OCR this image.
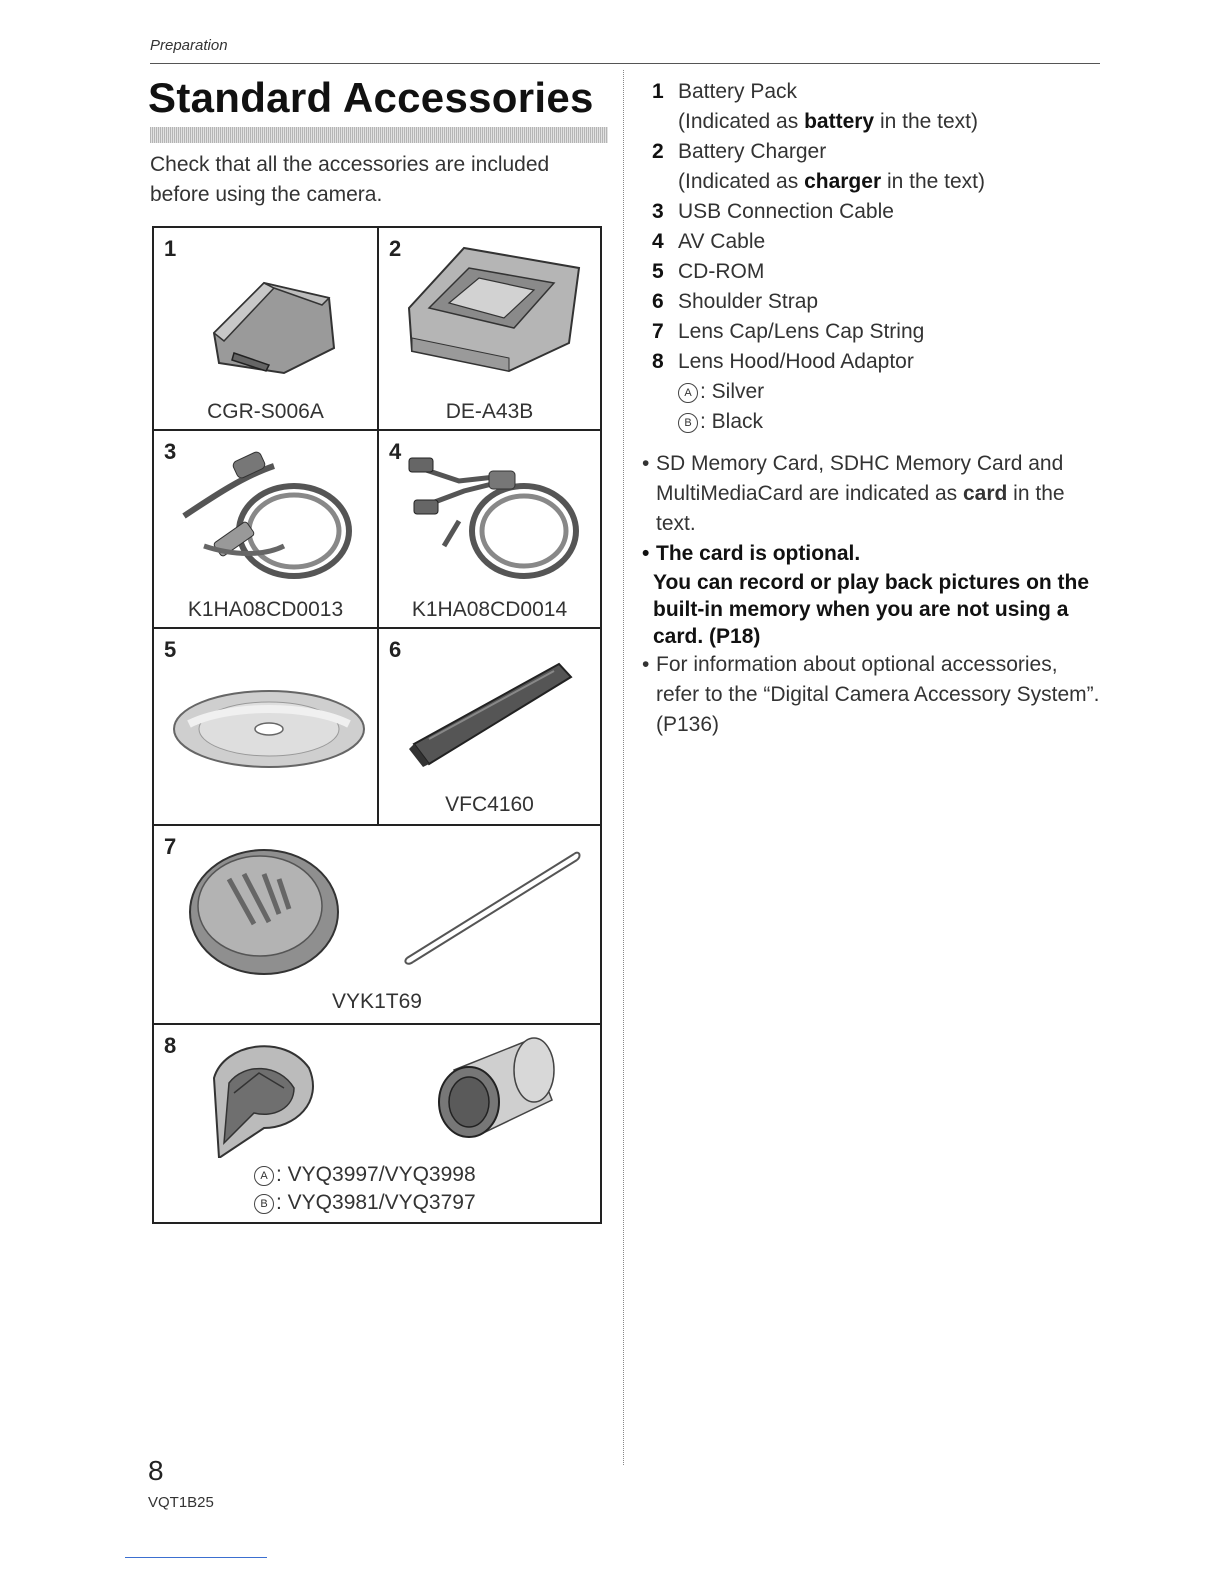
Preparation
Standard Accessories
Check that all the accessories are included before using the camera.
1
CGR-S006A
2
DE-A43B
3
K1HA08CD0013
4
K1HA08CD0014
5	6
VFC4160
7
VYK1T69
8
A : VYQ3997/VYQ3998
B : VYQ3981/VYQ3797
1 Battery Pack
(Indicated as battery in the text)
2 Battery Charger
(Indicated as charger in the text)
3 USB Connection Cable
4 AV Cable
5 CD-ROM
6 Shoulder Strap
7 Lens Cap/Lens Cap String
8 Lens Hood/Hood Adaptor
A : Silver
B : Black
• SD Memory Card, SDHC Memory Card and MultiMediaCard are indicated as card in the text.
• The card is optional.
You can record or play back pictures on the built-in memory when you are not using a card. (P18)
• For information about optional accessories, refer to the “Digital Camera Accessory System”. (P136)
8
VQT1B25
